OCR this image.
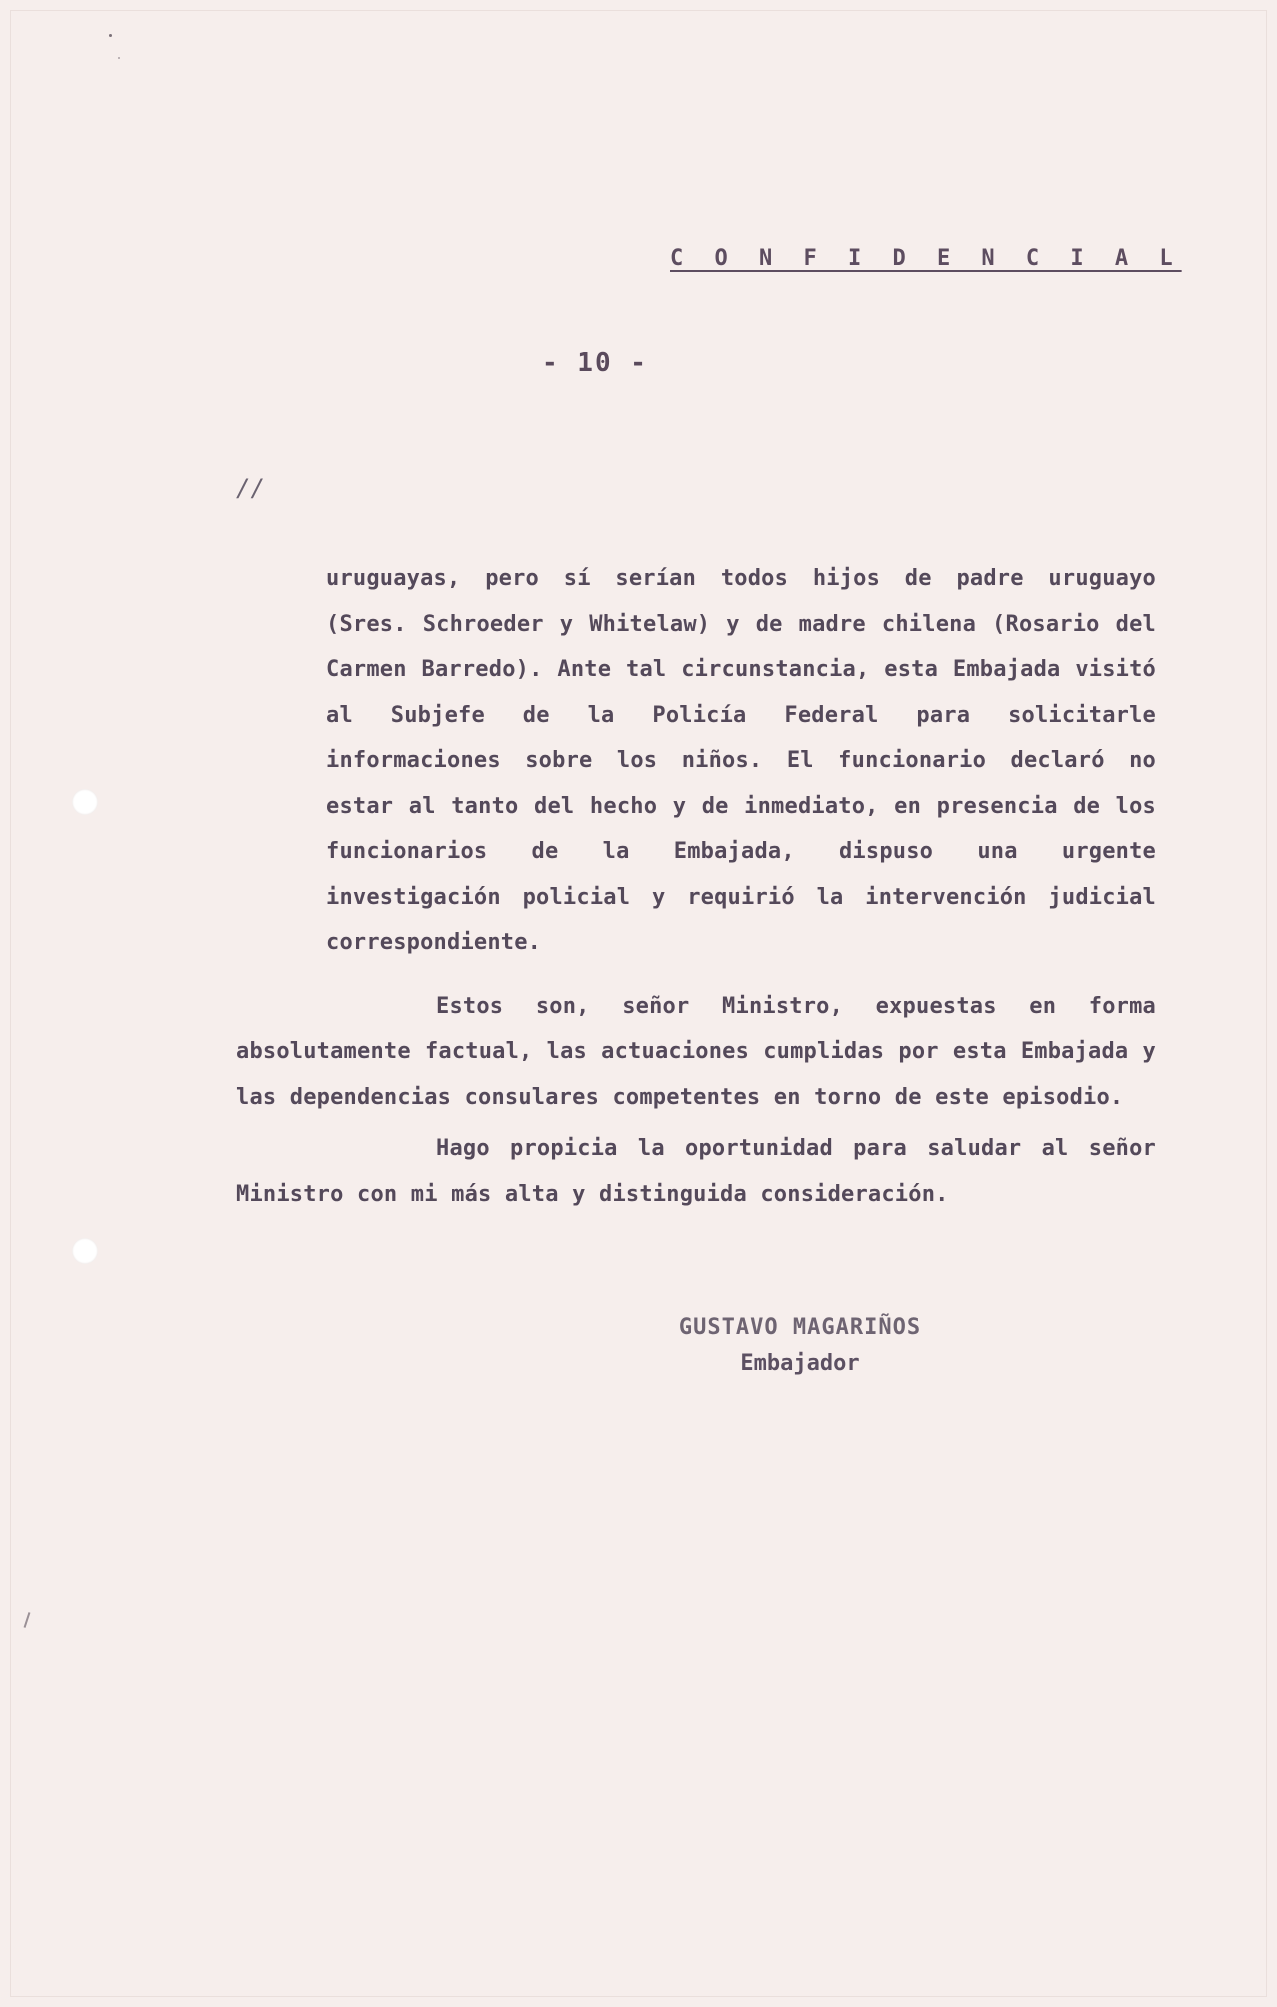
C O N F I D E N C I A L
- 10 -
//

uruguayas, pero sí serían todos hijos de padre uruguayo (Sres. Schroeder y Whitelaw) y de madre chilena (Rosario del Carmen Barredo). Ante tal circunstancia, esta Embajada visitó al Subjefe de la Policía Federal para solicitarle informaciones sobre los niños. El funcionario declaró no estar al tanto del hecho y de inmediato, en presencia de los funcionarios de la Embajada, dispuso una urgente investigación policial y requirió la intervención judicial correspondiente.

Estos son, señor Ministro, expuestas en forma absolutamente factual, las actuaciones cumplidas por esta Embajada y las dependencias consulares competentes en torno de este episodio.

Hago propicia la oportunidad para saludar al señor Ministro con mi más alta y distinguida consideración.

GUSTAVO MAGARIÑOS
Embajador
